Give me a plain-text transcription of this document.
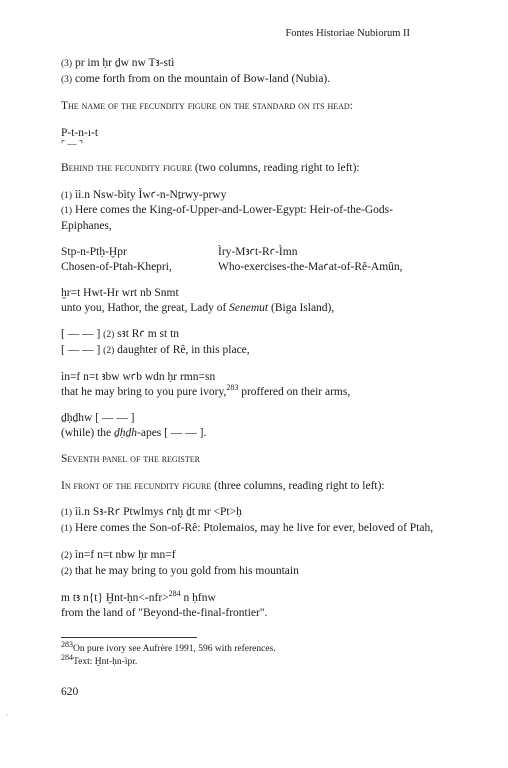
Fontes Historiae Nubiorum II
(3) pr im ḥr ḏw nw Tꜣ-stì
(3) come forth from on the mountain of Bow-land (Nubia).
The name of the fecundity figure on the standard on its head:
P-t-n-ı-t
⌜ — ⌝
Behind the fecundity figure (two columns, reading right to left):
(1) ìì.n Nsw-bìty Ìwꜥ-n-Nṯrwy-prwy
(1) Here comes the King-of-Upper-and-Lower-Egypt: Heir-of-the-Gods-
Epiphanes,
Stp-n-Ptḥ-Ḫpr	Ìry-Mꜣꜥt-Rꜥ-Ìmn
Chosen-of-Ptah-Khepri,	Who-exercises-the-Maꜥat-of-Rê-Amûn,
ḫr=t Hwt-Hr wrt nb Snmt
unto you, Hathor, the great, Lady of Senemut (Biga Island),
[ — — ] (2) sꜣt Rꜥ m st tn
[ — — ] (2) daughter of Rê, in this place,
ìn=f n=t ꜣbw wꜥb wdn ḥr rmn=sn
that he may bring to you pure ivory,$^{283}$ proffered on their arms,
ḏḥḏhw [ — — ]
(while) the ḏḥḏh-apes [ — — ].
Seventh panel of the register
In front of the fecundity figure (three columns, reading right to left):
(1) ìì.n Sꜣ-Rꜥ Ptwlmys ꜥnḫ ḏt mr <Pt>ḥ
(1) Here comes the Son-of-Rê: Ptolemaios, may he live for ever, beloved of Ptah,
(2) ìn=f n=t nbw ḥr mn=f
(2) that he may bring to you gold from his mountain
m tꜣ n{t} Ḫnt-ḥn<-nfr>$^{284}$ n ḥfnw
from the land of "Beyond-the-final-frontier".
$^{283}$On pure ivory see Aufrère 1991, 596 with references.
$^{284}$Text: Ḫnt-ḥn-ìpr.
620
·
